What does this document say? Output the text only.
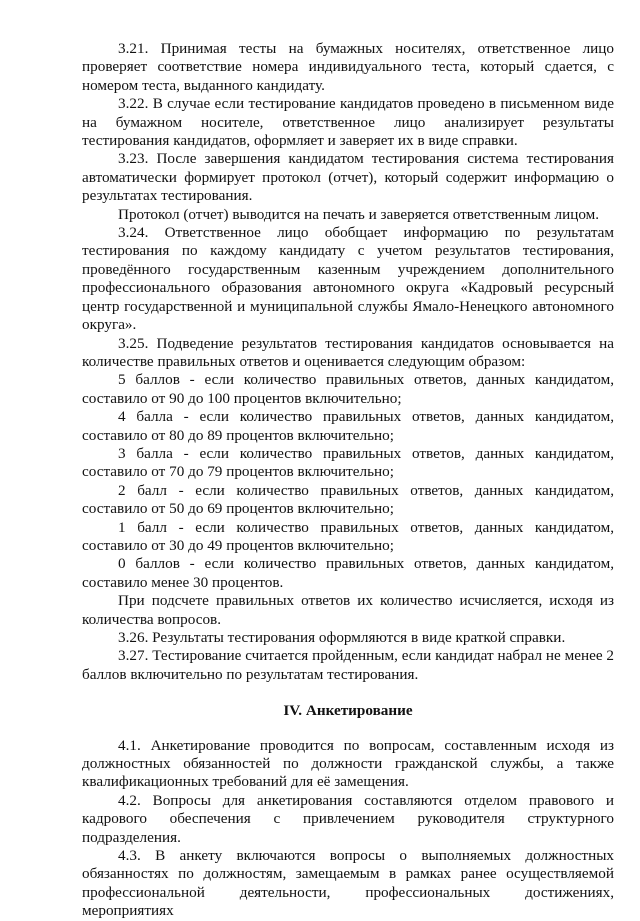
3.21. Принимая тесты на бумажных носителях, ответственное лицо проверяет соответствие номера индивидуального теста, который сдается, с номером теста, выданного кандидату.

3.22. В случае если тестирование кандидатов проведено в письменном виде на бумажном носителе, ответственное лицо анализирует результаты тестирования кандидатов, оформляет и заверяет их в виде справки.

3.23. После завершения кандидатом тестирования система тестирования автоматически формирует протокол (отчет), который содержит информацию о результатах тестирования.

Протокол (отчет) выводится на печать и заверяется ответственным лицом.

3.24. Ответственное лицо обобщает информацию по результатам тестирования по каждому кандидату с учетом результатов тестирования, проведённого государственным казенным учреждением дополнительного профессионального образования автономного округа «Кадровый ресурсный центр государственной и муниципальной службы Ямало-Ненецкого автономного округа».

3.25. Подведение результатов тестирования кандидатов основывается на количестве правильных ответов и оценивается следующим образом:

5 баллов - если количество правильных ответов, данных кандидатом, составило от 90 до 100 процентов включительно;

4 балла - если количество правильных ответов, данных кандидатом, составило от 80 до 89 процентов включительно;

3 балла - если количество правильных ответов, данных кандидатом, составило от 70 до 79 процентов включительно;

2 балл - если количество правильных ответов, данных кандидатом, составило от 50 до 69 процентов включительно;

1 балл - если количество правильных ответов, данных кандидатом, составило от 30 до 49 процентов включительно;

0 баллов - если количество правильных ответов, данных кандидатом, составило менее 30 процентов.

При подсчете правильных ответов их количество исчисляется, исходя из количества вопросов.

3.26. Результаты тестирования оформляются в виде краткой справки.

3.27. Тестирование считается пройденным, если кандидат набрал не менее 2 баллов включительно по результатам тестирования.

IV. Анкетирование

4.1. Анкетирование проводится по вопросам, составленным исходя из должностных обязанностей по должности гражданской службы, а также квалификационных требований для её замещения.

4.2. Вопросы для анкетирования составляются отделом правового и кадрового обеспечения с привлечением руководителя структурного подразделения.

4.3. В анкету включаются вопросы о выполняемых должностных обязанностях по должностям, замещаемым в рамках ранее осуществляемой профессиональной деятельности, профессиональных достижениях, мероприятиях
